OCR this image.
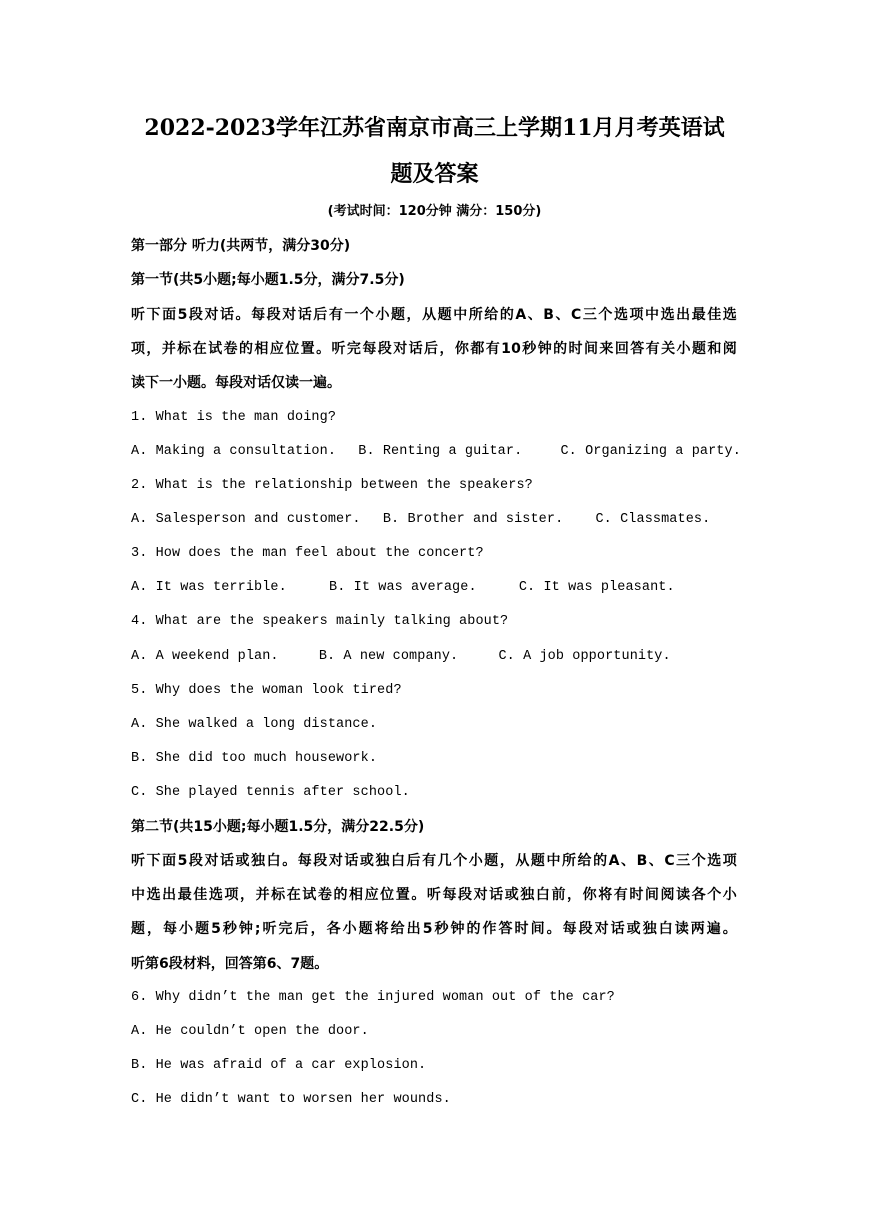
2022-2023学年江苏省南京市高三上学期11月月考英语试
题及答案
(考试时间：120分钟 满分：150分)
第一部分 听力(共两节，满分30分)
第一节(共5小题;每小题1.5分，满分7.5分)
听下面5段对话。每段对话后有一个小题，从题中所给的A、B、C三个选项中选出最佳选
项，并标在试卷的相应位置。听完每段对话后，你都有10秒钟的时间来回答有关小题和阅
读下一小题。每段对话仅读一遍。
1. What is the man doing?
A. Making a consultation. B. Renting a guitar.	C. Organizing a party.
2. What is the relationship between the speakers?
A. Salesperson and customer. B. Brother and sister. C. Classmates.
3. How does the man feel about the concert?
A. It was terrible.	B. It was average.	C. It was pleasant.
4. What are the speakers mainly talking about?
A. A weekend plan.	B. A new company.	C. A job opportunity.
5. Why does the woman look tired?
A. She walked a long distance.
B. She did too much housework.
C. She played tennis after school.
第二节(共15小题;每小题1.5分，满分22.5分)
听下面5段对话或独白。每段对话或独白后有几个小题，从题中所给的A、B、C三个选项
中选出最佳选项，并标在试卷的相应位置。听每段对话或独白前，你将有时间阅读各个小
题，每小题5秒钟;听完后，各小题将给出5秒钟的作答时间。每段对话或独白读两遍。
听第6段材料，回答第6、7题。
6. Why didn’t the man get the injured woman out of the car?
A. He couldn’t open the door.
B. He was afraid of a car explosion.
C. He didn’t want to worsen her wounds.
